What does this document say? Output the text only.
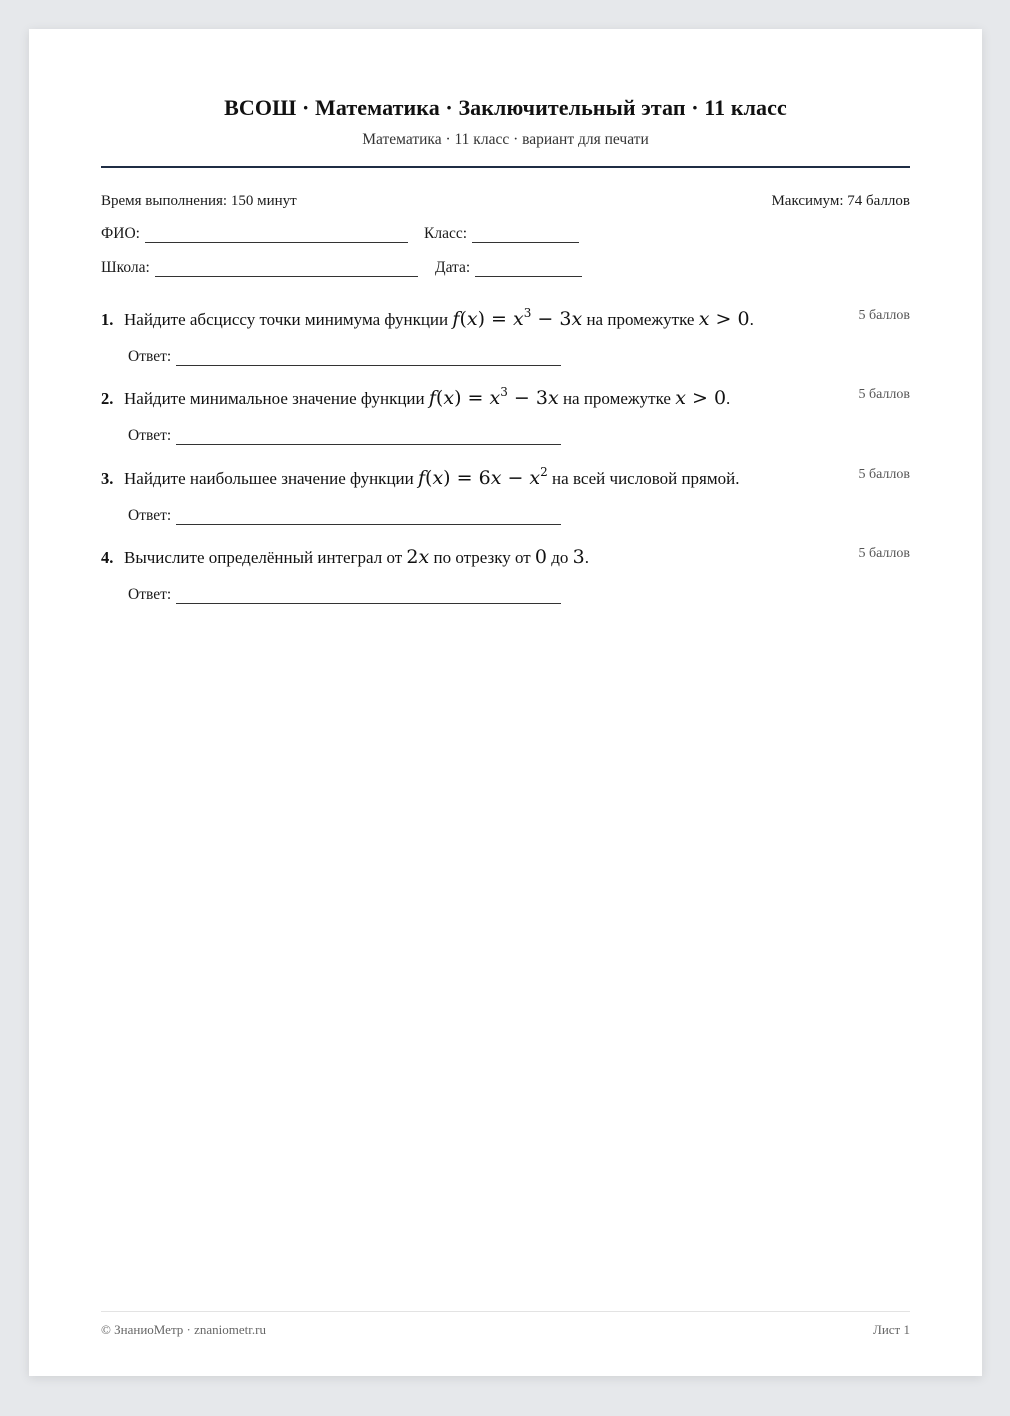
ВСОШ · Математика · Заключительный этап · 11 класс
Математика · 11 класс · вариант для печати
Время выполнения: 150 минут	Максимум: 74 баллов
ФИО:	Класс:
Школа:	Дата:
1. Найдите абсциссу точки минимума функции $f(x) = x^3 - 3x$ на промежутке x > 0.	5 баллов
Ответ:
2. Найдите минимальное значение функции $f(x) = x^3 - 3x$ на промежутке x > 0.	5 баллов
Ответ:
3. Найдите наибольшее значение функции $f(x) = 6x - x^2$ на всей числовой прямой.	5 баллов
Ответ:
4. Вычислите определённый интеграл от 2x по отрезку от 0 до 3.	5 баллов
Ответ:
© ЗнаниоМетр · znaniometr.ru	Лист 1
